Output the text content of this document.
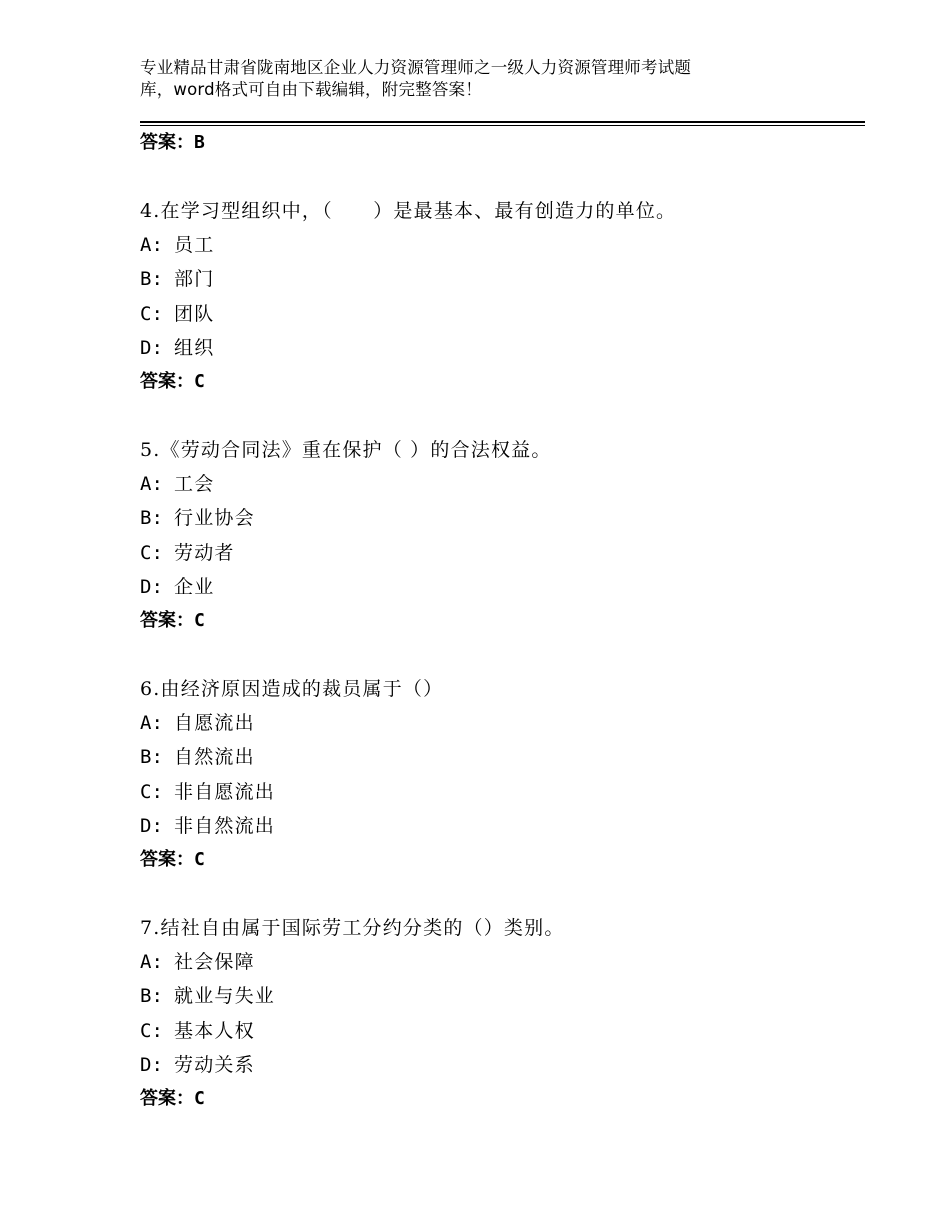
专业精品甘肃省陇南地区企业人力资源管理师之一级人力资源管理师考试题
库，word格式可自由下载编辑，附完整答案！
答案：B
4.在学习型组织中，（　　）是最基本、最有创造力的单位。
A: 员工
B: 部门
C: 团队
D: 组织
答案：C
5.《劳动合同法》重在保护（ ）的合法权益。
A: 工会
B: 行业协会
C: 劳动者
D: 企业
答案：C
6.由经济原因造成的裁员属于（）
A: 自愿流出
B: 自然流出
C: 非自愿流出
D: 非自然流出
答案：C
7.结社自由属于国际劳工分约分类的（）类别。
A: 社会保障
B: 就业与失业
C: 基本人权
D: 劳动关系
答案：C
